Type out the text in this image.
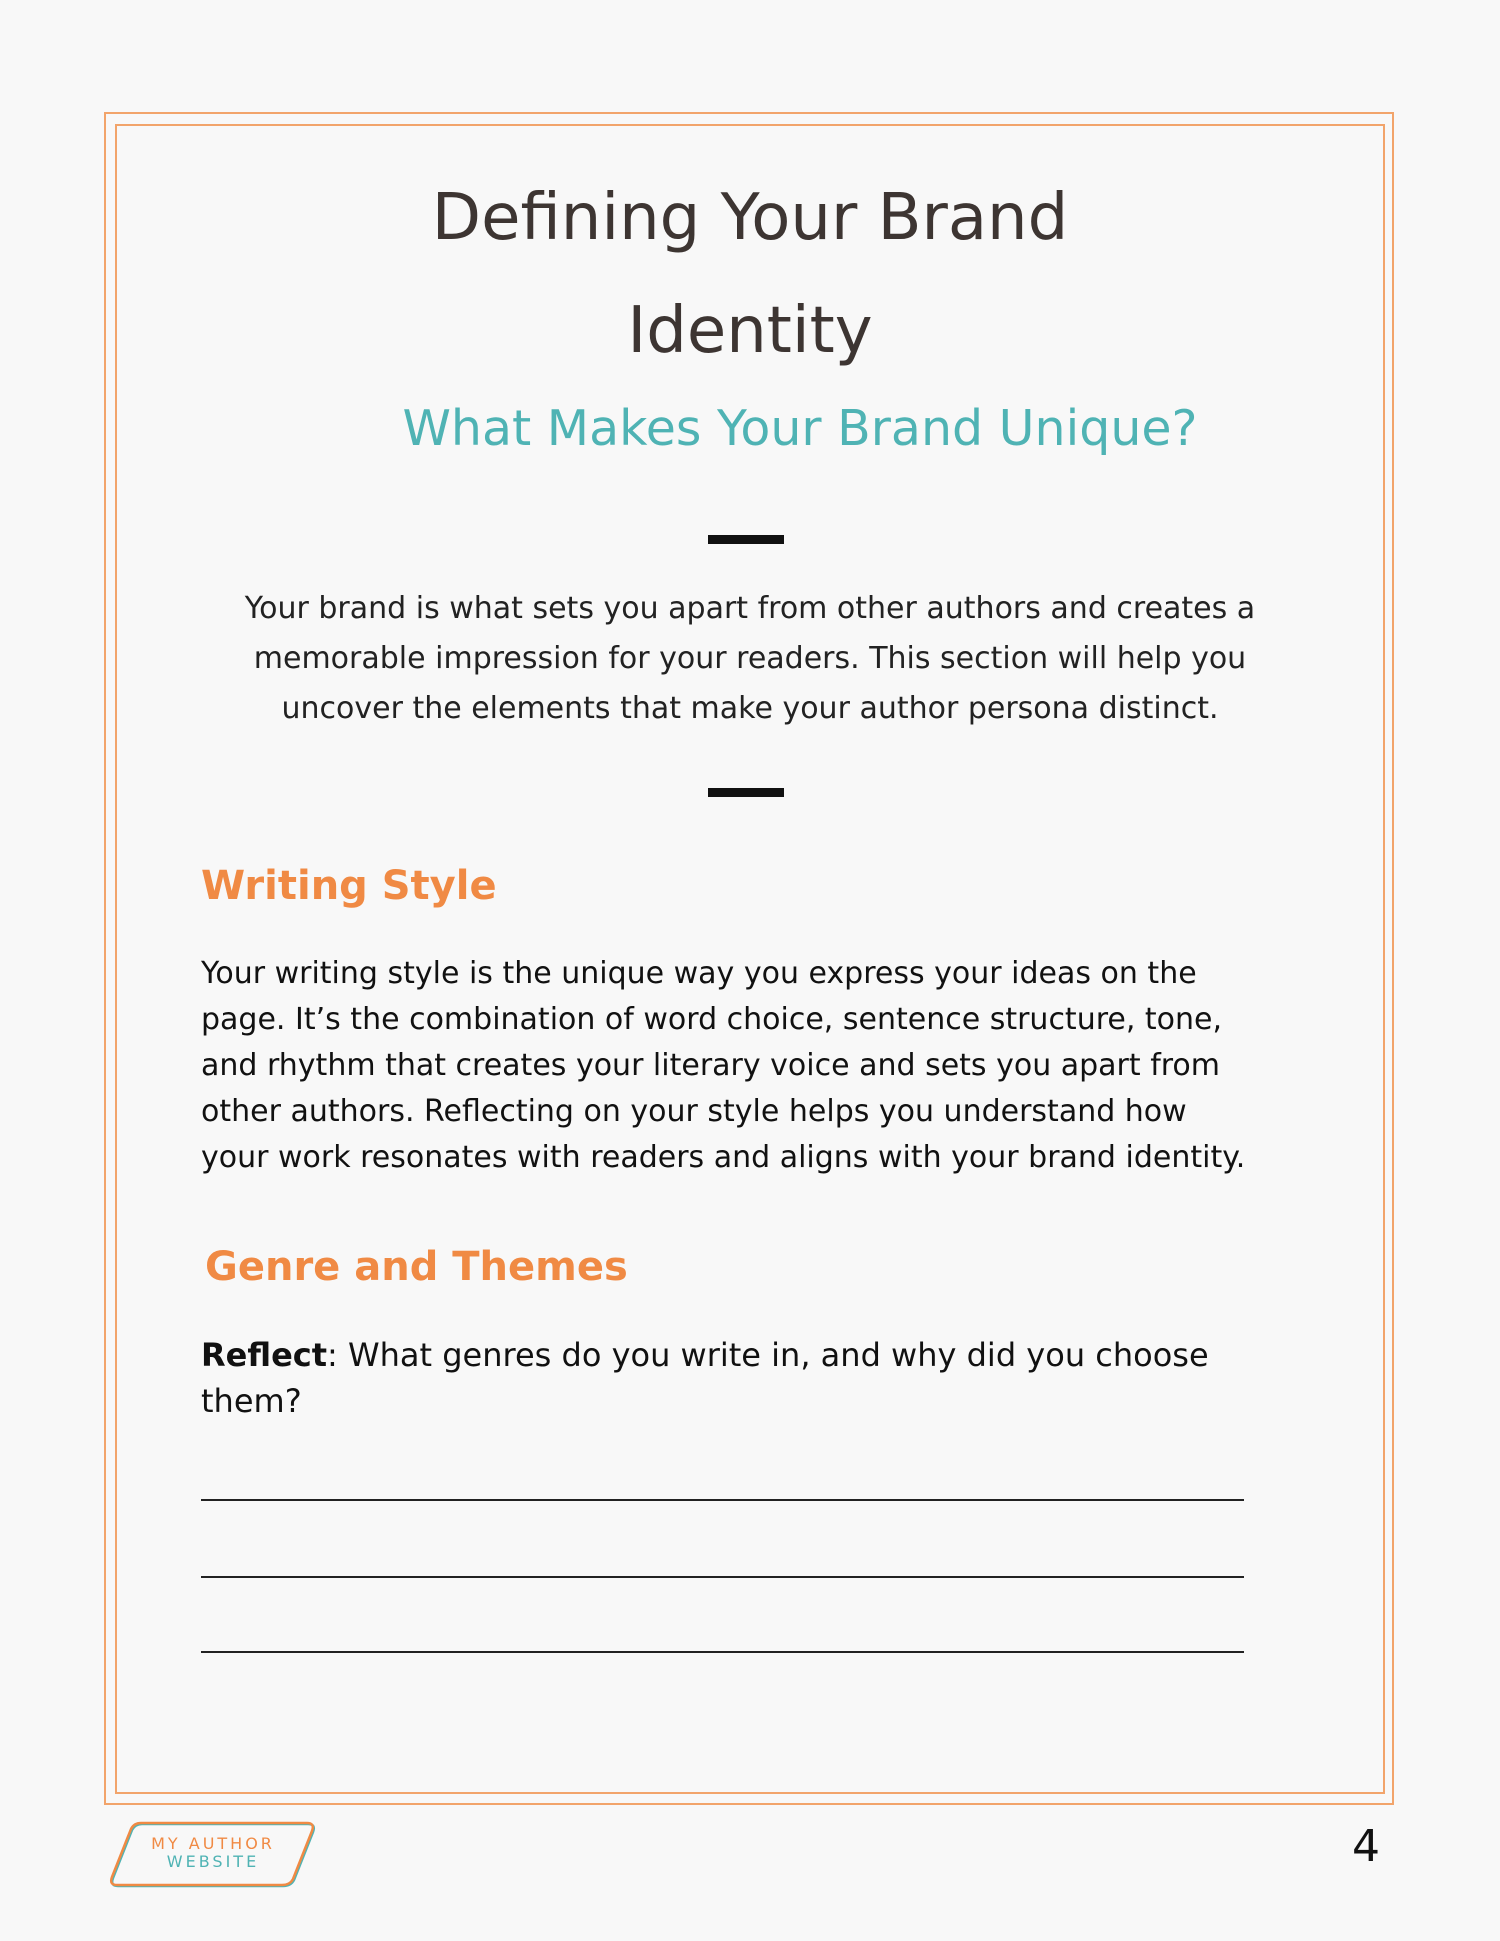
Defining Your Brand
Identity
What Makes Your Brand Unique?

Your brand is what sets you apart from other authors and creates a memorable impression for your readers. This section will help you uncover the elements that make your author persona distinct.

Writing Style

Your writing style is the unique way you express your ideas on the
page. It’s the combination of word choice, sentence structure, tone,
and rhythm that creates your literary voice and sets you apart from
other authors. Reflecting on your style helps you understand how
your work resonates with readers and aligns with your brand identity.

Genre and Themes

Reflect: What genres do you write in, and why did you choose
them?

MY AUTHOR

WEBSITE	4
